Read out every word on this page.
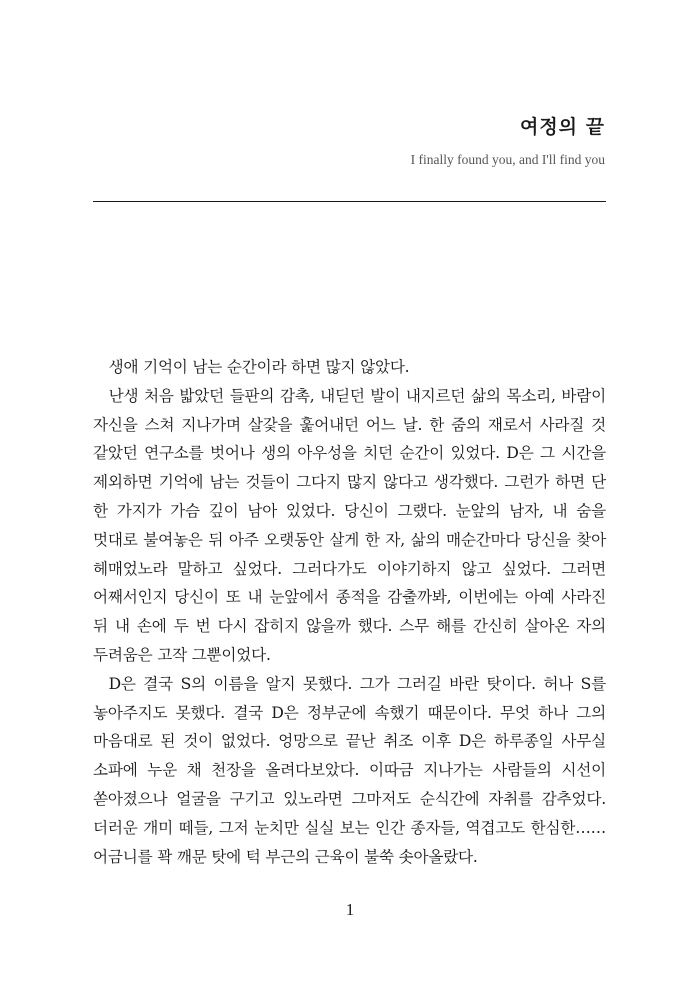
여정의 끝
I finally found you, and I'll find you

생애 기억이 남는 순간이라 하면 많지 않았다.

난생 처음 밟았던 들판의 감촉, 내딛던 발이 내지르던 삶의 목소리, 바람이 자신을 스쳐 지나가며 살갗을 훑어내던 어느 날. 한 줌의 재로서 사라질 것 같았던 연구소를 벗어나 생의 아우성을 치던 순간이 있었다. D은 그 시간을 제외하면 기억에 남는 것들이 그다지 많지 않다고 생각했다. 그런가 하면 단 한 가지가 가슴 깊이 남아 있었다. 당신이 그랬다. 눈앞의 남자, 내 숨을 멋대로 불여놓은 뒤 아주 오랫동안 살게 한 자, 삶의 매순간마다 당신을 찾아 헤매었노라 말하고 싶었다. 그러다가도 이야기하지 않고 싶었다. 그러면 어째서인지 당신이 또 내 눈앞에서 종적을 감출까봐, 이번에는 아예 사라진 뒤 내 손에 두 번 다시 잡히지 않을까 했다. 스무 해를 간신히 살아온 자의 두려움은 고작 그뿐이었다.

D은 결국 S의 이름을 알지 못했다. 그가 그러길 바란 탓이다. 허나 S를 놓아주지도 못했다. 결국 D은 정부군에 속했기 때문이다. 무엇 하나 그의 마음대로 된 것이 없었다. 엉망으로 끝난 취조 이후 D은 하루종일 사무실 소파에 누운 채 천장을 올려다보았다. 이따금 지나가는 사람들의 시선이 쏟아졌으나 얼굴을 구기고 있노라면 그마저도 순식간에 자취를 감추었다. 더러운 개미 떼들, 그저 눈치만 실실 보는 인간 종자들, 역겹고도 한심한…… 어금니를 꽉 깨문 탓에 턱 부근의 근육이 불쑥 솟아올랐다.

1
